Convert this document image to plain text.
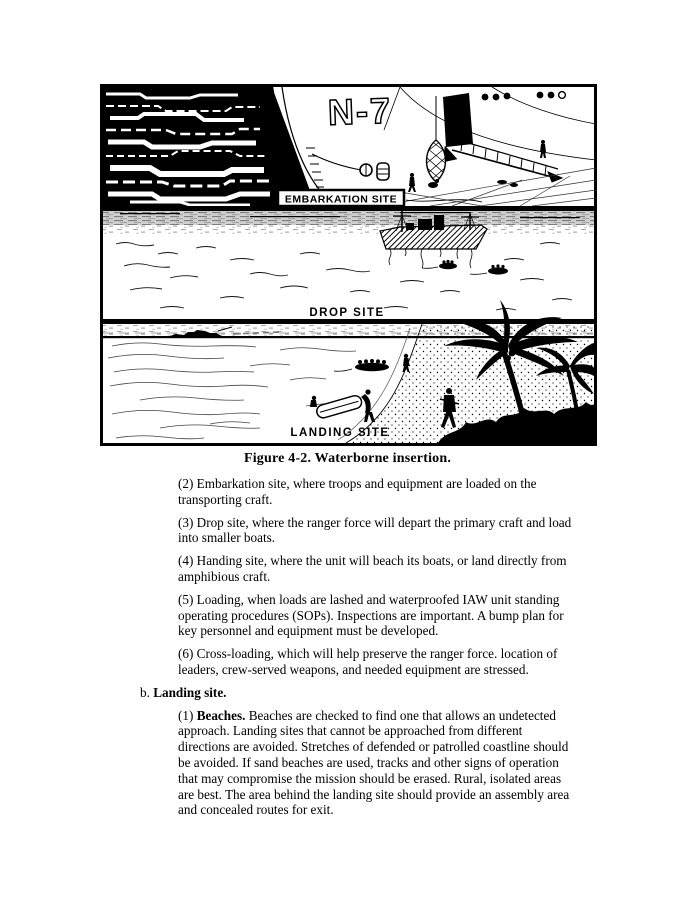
N-7
EMBARKATION SITE
DROP SITE
LANDING SITE
Figure 4-2. Waterborne insertion.
(2) Embarkation site, where troops and equipment are loaded on the
transporting craft.
(3) Drop site, where the ranger force will depart the primary craft and load
into smaller boats.
(4) Handing site, where the unit will beach its boats, or land directly from
amphibious craft.
(5) Loading, when loads are lashed and waterproofed IAW unit standing
operating procedures (SOPs). Inspections are important. A bump plan for
key personnel and equipment must be developed.
(6) Cross-loading, which will help preserve the ranger force. location of
leaders, crew-served weapons, and needed equipment are stressed.
b. Landing site.
(1) Beaches. Beaches are checked to find one that allows an undetected
approach. Landing sites that cannot be approached from different
directions are avoided. Stretches of defended or patrolled coastline should
be avoided. If sand beaches are used, tracks and other signs of operation
that may compromise the mission should be erased. Rural, isolated areas
are best. The area behind the landing site should provide an assembly area
and concealed routes for exit.
